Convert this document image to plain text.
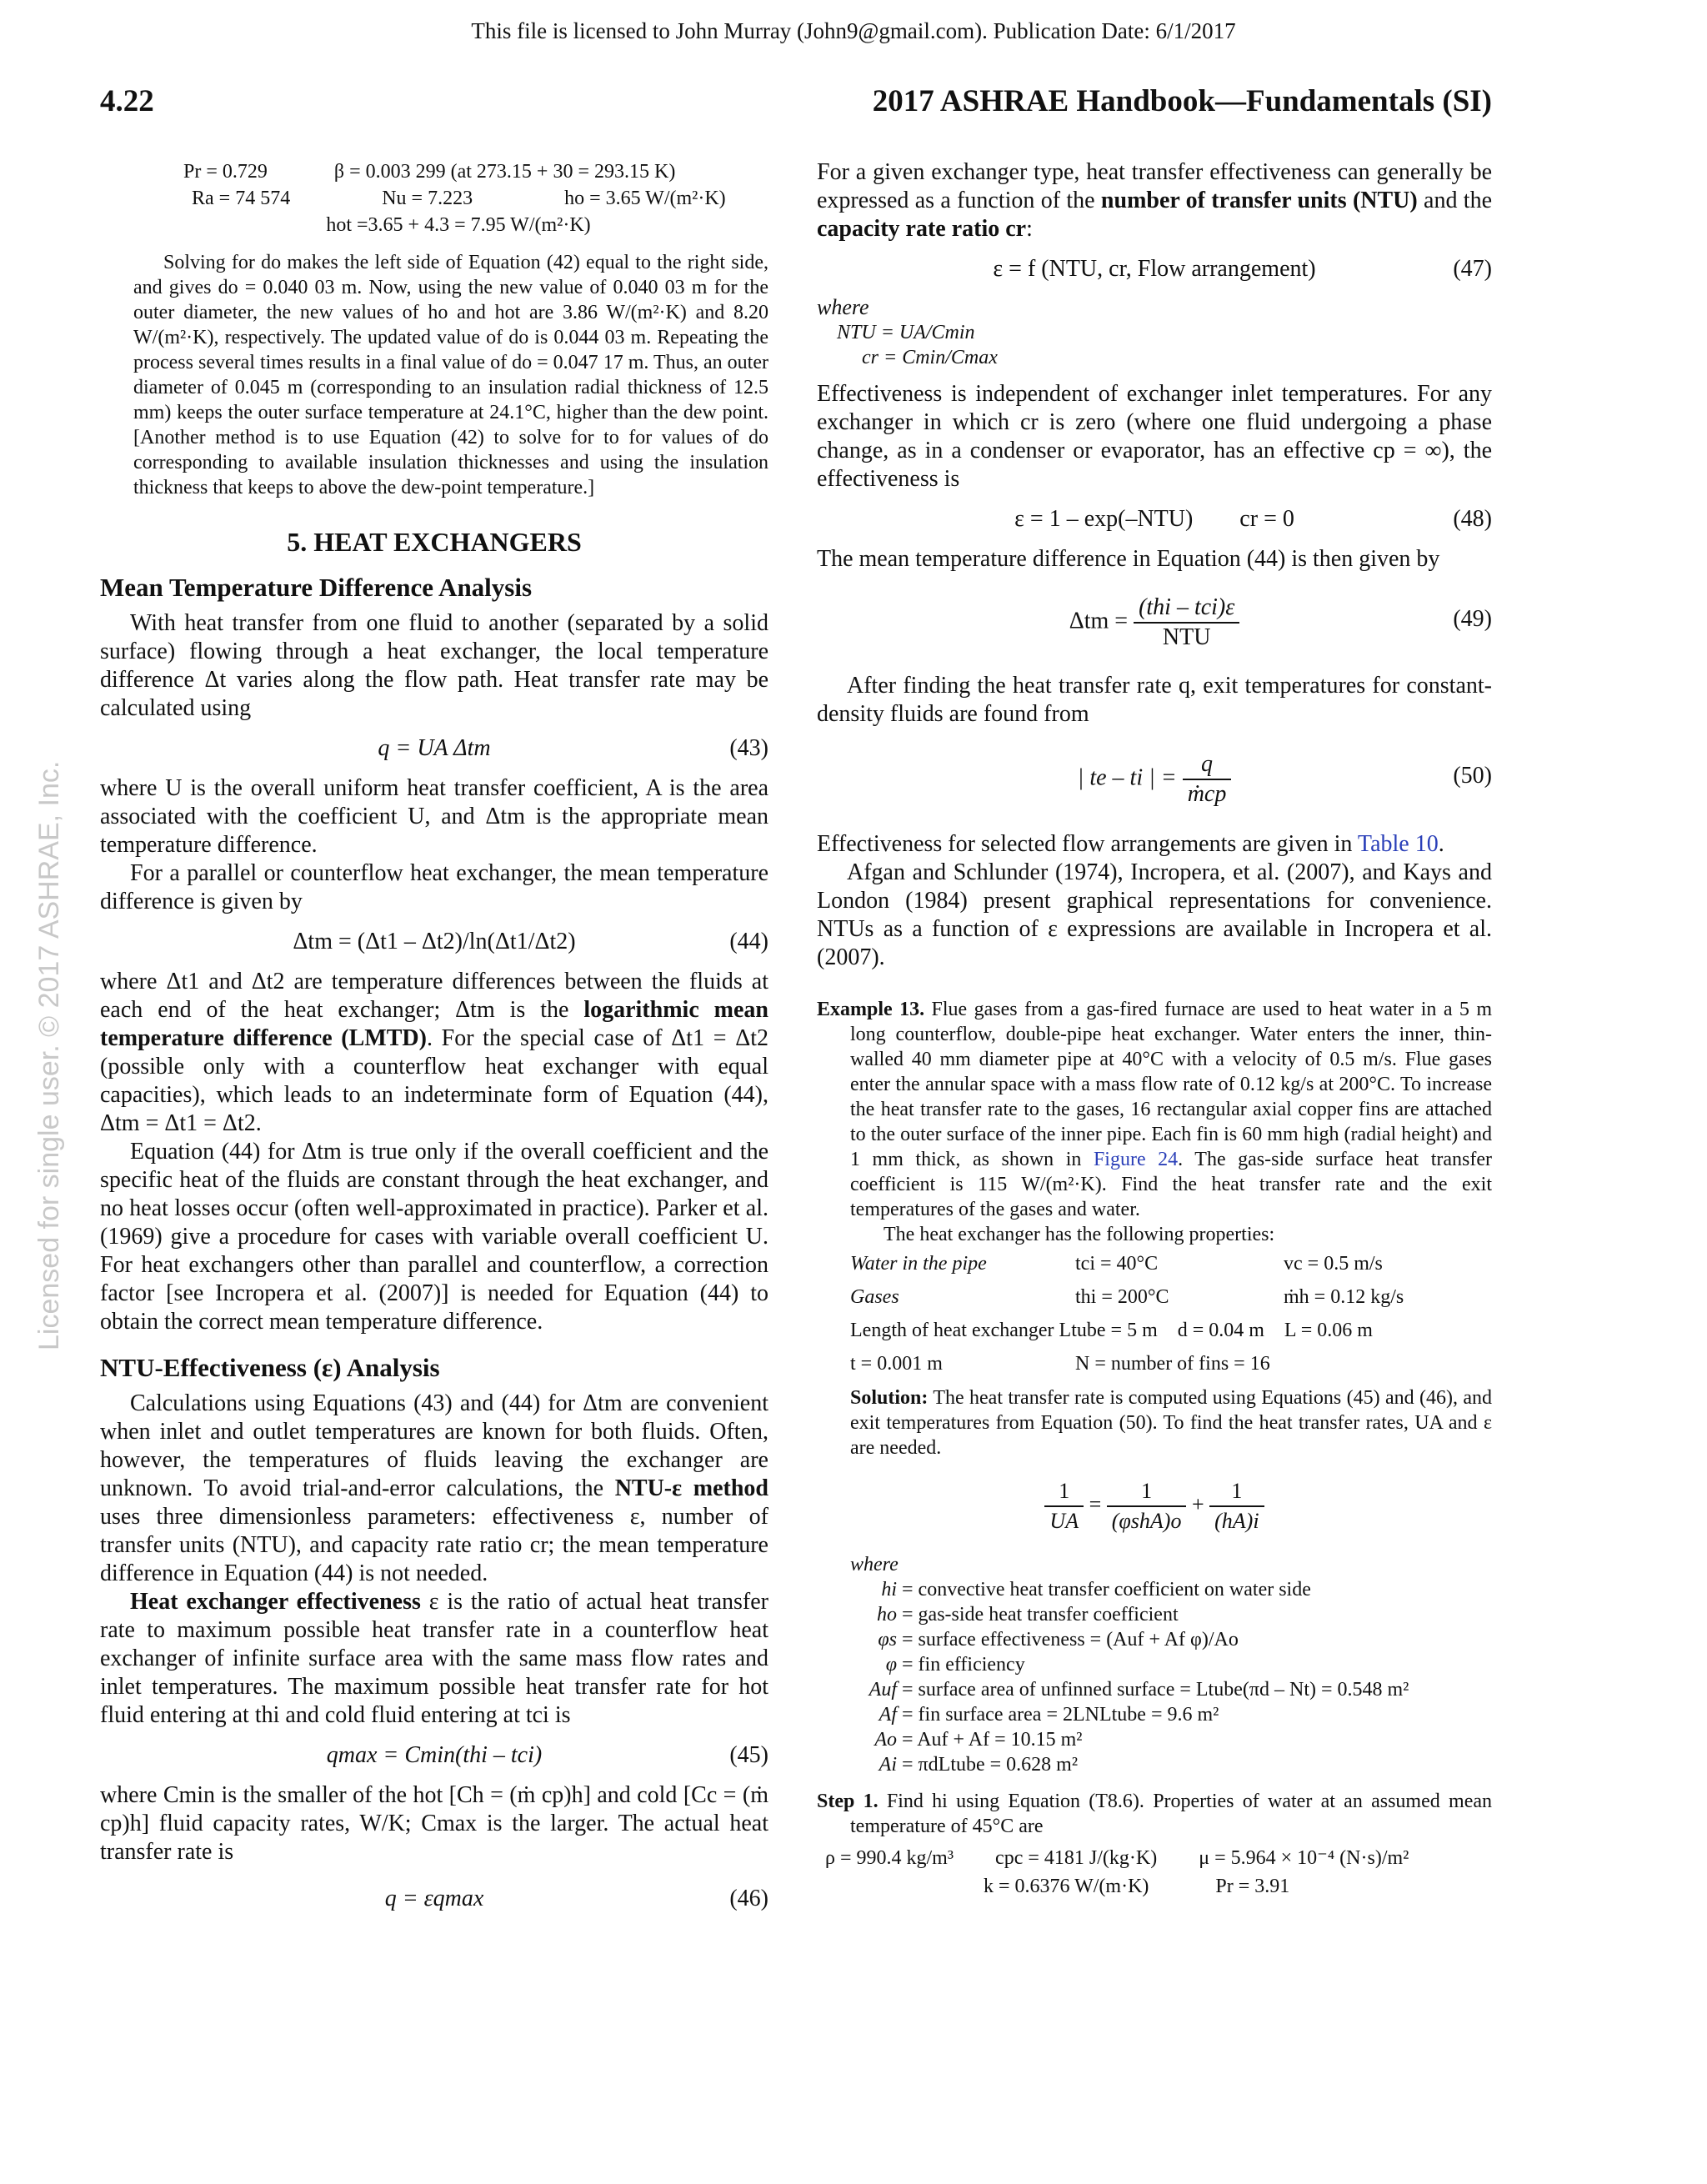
This file is licensed to John Murray (John9@gmail.com). Publication Date: 6/1/2017
4.22	2017 ASHRAE Handbook—Fundamentals (SI)
Licensed for single user. © 2017 ASHRAE, Inc.
Pr = 0.729	β = 0.003 299 (at 273.15 + 30 = 293.15 K)
Ra = 74 574	Nu = 7.223	ho = 3.65 W/(m²·K)
hot =3.65 + 4.3 = 7.95 W/(m²·K)

Solving for do makes the left side of Equation (42) equal to the right side, and gives do = 0.040 03 m. Now, using the new value of 0.040 03 m for the outer diameter, the new values of ho and hot are 3.86 W/(m²·K) and 8.20 W/(m²·K), respectively. The updated value of do is 0.044 03 m. Repeating the process several times results in a final value of do = 0.047 17 m. Thus, an outer diameter of 0.045 m (corresponding to an insulation radial thickness of 12.5 mm) keeps the outer surface temperature at 24.1°C, higher than the dew point. [Another method is to use Equation (42) to solve for to for values of do corresponding to available insulation thicknesses and using the insulation thickness that keeps to above the dew-point temperature.]

5. HEAT EXCHANGERS
Mean Temperature Difference Analysis

With heat transfer from one fluid to another (separated by a solid surface) flowing through a heat exchanger, the local temperature difference Δt varies along the flow path. Heat transfer rate may be calculated using

q = UA Δtm	(43)

where U is the overall uniform heat transfer coefficient, A is the area associated with the coefficient U, and Δtm is the appropriate mean temperature difference.

For a parallel or counterflow heat exchanger, the mean temperature difference is given by

Δtm = (Δt1 – Δt2)/ln(Δt1/Δt2)	(44)

where Δt1 and Δt2 are temperature differences between the fluids at each end of the heat exchanger; Δtm is the logarithmic mean temperature difference (LMTD). For the special case of Δt1 = Δt2 (possible only with a counterflow heat exchanger with equal capacities), which leads to an indeterminate form of Equation (44), Δtm = Δt1 = Δt2.

Equation (44) for Δtm is true only if the overall coefficient and the specific heat of the fluids are constant through the heat exchanger, and no heat losses occur (often well-approximated in practice). Parker et al. (1969) give a procedure for cases with variable overall coefficient U. For heat exchangers other than parallel and counterflow, a correction factor [see Incropera et al. (2007)] is needed for Equation (44) to obtain the correct mean temperature difference.

NTU-Effectiveness (ε) Analysis

Calculations using Equations (43) and (44) for Δtm are convenient when inlet and outlet temperatures are known for both fluids. Often, however, the temperatures of fluids leaving the exchanger are unknown. To avoid trial-and-error calculations, the NTU-ε method uses three dimensionless parameters: effectiveness ε, number of transfer units (NTU), and capacity rate ratio cr; the mean temperature difference in Equation (44) is not needed.

Heat exchanger effectiveness ε is the ratio of actual heat transfer rate to maximum possible heat transfer rate in a counterflow heat exchanger of infinite surface area with the same mass flow rates and inlet temperatures. The maximum possible heat transfer rate for hot fluid entering at thi and cold fluid entering at tci is

qmax = Cmin(thi – tci)	(45)

where Cmin is the smaller of the hot [Ch = (ṁ cp)h] and cold [Cc = (ṁ cp)h] fluid capacity rates, W/K; Cmax is the larger. The actual heat transfer rate is

q = εqmax	(46)

For a given exchanger type, heat transfer effectiveness can generally be expressed as a function of the number of transfer units (NTU) and the capacity rate ratio cr:

ε = f (NTU, cr, Flow arrangement)	(47)
where
NTU = UA/Cmin
cr = Cmin/Cmax

Effectiveness is independent of exchanger inlet temperatures. For any exchanger in which cr is zero (where one fluid undergoing a phase change, as in a condenser or evaporator, has an effective cp = ∞), the effectiveness is

ε = 1 – exp(–NTU)        cr = 0	(48)

The mean temperature difference in Equation (44) is then given by

$\Delta tm = \frac{\text{(thi – tci)ε}}{\text{NTU}}$	(49)

After finding the heat transfer rate q, exit temperatures for constant-density fluids are found from

| te – ti | = $\frac{q}{\text{ṁcp}}$	(50)

Effectiveness for selected flow arrangements are given in Table 10.

Afgan and Schlunder (1974), Incropera, et al. (2007), and Kays and London (1984) present graphical representations for convenience. NTUs as a function of ε expressions are available in Incropera et al. (2007).

Example 13. Flue gases from a gas-fired furnace are used to heat water in a 5 m long counterflow, double-pipe heat exchanger. Water enters the inner, thin-walled 40 mm diameter pipe at 40°C with a velocity of 0.5 m/s. Flue gases enter the annular space with a mass flow rate of 0.12 kg/s at 200°C. To increase the heat transfer rate to the gases, 16 rectangular axial copper fins are attached to the outer surface of the inner pipe. Each fin is 60 mm high (radial height) and 1 mm thick, as shown in Figure 24. The gas-side surface heat transfer coefficient is 115 W/(m²·K). Find the heat transfer rate and the exit temperatures of the gases and water.

The heat exchanger has the following properties:

Water in the pipe	tci = 40°C	vc = 0.5 m/s
Gases	thi = 200°C	ṁh = 0.12 kg/s
Length of heat exchanger Ltube = 5 m    d = 0.04 m    L = 0.06 m
t = 0.001 m	N = number of fins = 16

Solution: The heat transfer rate is computed using Equations (45) and (46), and exit temperatures from Equation (50). To find the heat transfer rates, UA and ε are needed.

$\frac{1}{UA} = \frac{1}{\text{(φshA)o}} + \frac{1}{(hA)i}$
where
hi = convective heat transfer coefficient on water side
ho = gas-side heat transfer coefficient
φs = surface effectiveness = (Auf + Af φ)/Ao
φ = fin efficiency
Auf = surface area of unfinned surface = Ltube(πd – Nt) = 0.548 m²
Af = fin surface area = 2LNLtube = 9.6 m²
Ao = Auf + Af = 10.15 m²
Ai = πdLtube = 0.628 m²

Step 1. Find hi using Equation (T8.6). Properties of water at an assumed mean temperature of 45°C are

ρ = 990.4 kg/m³ cpc = 4181 J/(kg·K) μ = 5.964 × 10⁻⁴ (N·s)/m²
k = 0.6376 W/(m·K)	Pr = 3.91
